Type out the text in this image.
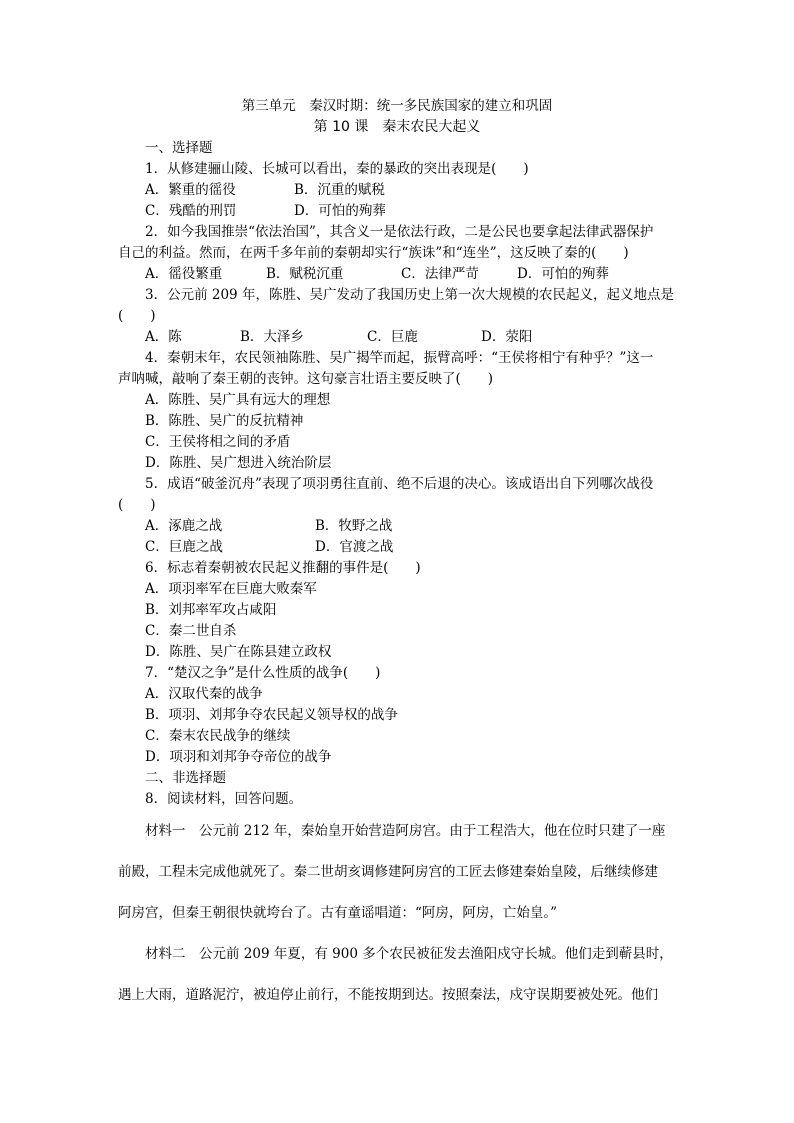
第三单元　秦汉时期：统一多民族国家的建立和巩固
第 10 课　秦末农民大起义
一、选择题
1．从修建骊山陵、长城可以看出，秦的暴政的突出表现是(　　)
A．繁重的徭役	B．沉重的赋税
C．残酷的刑罚	D．可怕的殉葬
2．如今我国推崇“依法治国”，其含义一是依法行政，二是公民也要拿起法律武器保护
自己的利益。然而，在两千多年前的秦朝却实行“族诛”和“连坐”，这反映了秦的(　　)
A．徭役繁重	B．赋税沉重	C．法律严苛	D．可怕的殉葬
3．公元前 209 年，陈胜、吴广发动了我国历史上第一次大规模的农民起义，起义地点是
(　　)
A．陈	B．大泽乡	C．巨鹿	D．荥阳
4．秦朝末年，农民领袖陈胜、吴广揭竿而起，振臂高呼：“王侯将相宁有种乎？”这一
声呐喊，敲响了秦王朝的丧钟。这句豪言壮语主要反映了(　　)
A．陈胜、吴广具有远大的理想
B．陈胜、吴广的反抗精神
C．王侯将相之间的矛盾
D．陈胜、吴广想进入统治阶层
5．成语“破釜沉舟”表现了项羽勇往直前、绝不后退的决心。该成语出自下列哪次战役
(　　)
A．涿鹿之战	B．牧野之战
C．巨鹿之战	D．官渡之战
6．标志着秦朝被农民起义推翻的事件是(　　)
A．项羽率军在巨鹿大败秦军
B．刘邦率军攻占咸阳
C．秦二世自杀
D．陈胜、吴广在陈县建立政权
7．“楚汉之争”是什么性质的战争(　　)
A．汉取代秦的战争
B．项羽、刘邦争夺农民起义领导权的战争
C．秦末农民战争的继续
D．项羽和刘邦争夺帝位的战争
二、非选择题
8．阅读材料，回答问题。
材料一　公元前 212 年，秦始皇开始营造阿房宫。由于工程浩大，他在位时只建了一座
前殿，工程未完成他就死了。秦二世胡亥调修建阿房宫的工匠去修建秦始皇陵，后继续修建
阿房宫，但秦王朝很快就垮台了。古有童谣唱道：“阿房，阿房，亡始皇。”
材料二　公元前 209 年夏，有 900 多个农民被征发去渔阳戍守长城。他们走到蕲县时，
遇上大雨，道路泥泞，被迫停止前行，不能按期到达。按照秦法，戍守误期要被处死。他们
